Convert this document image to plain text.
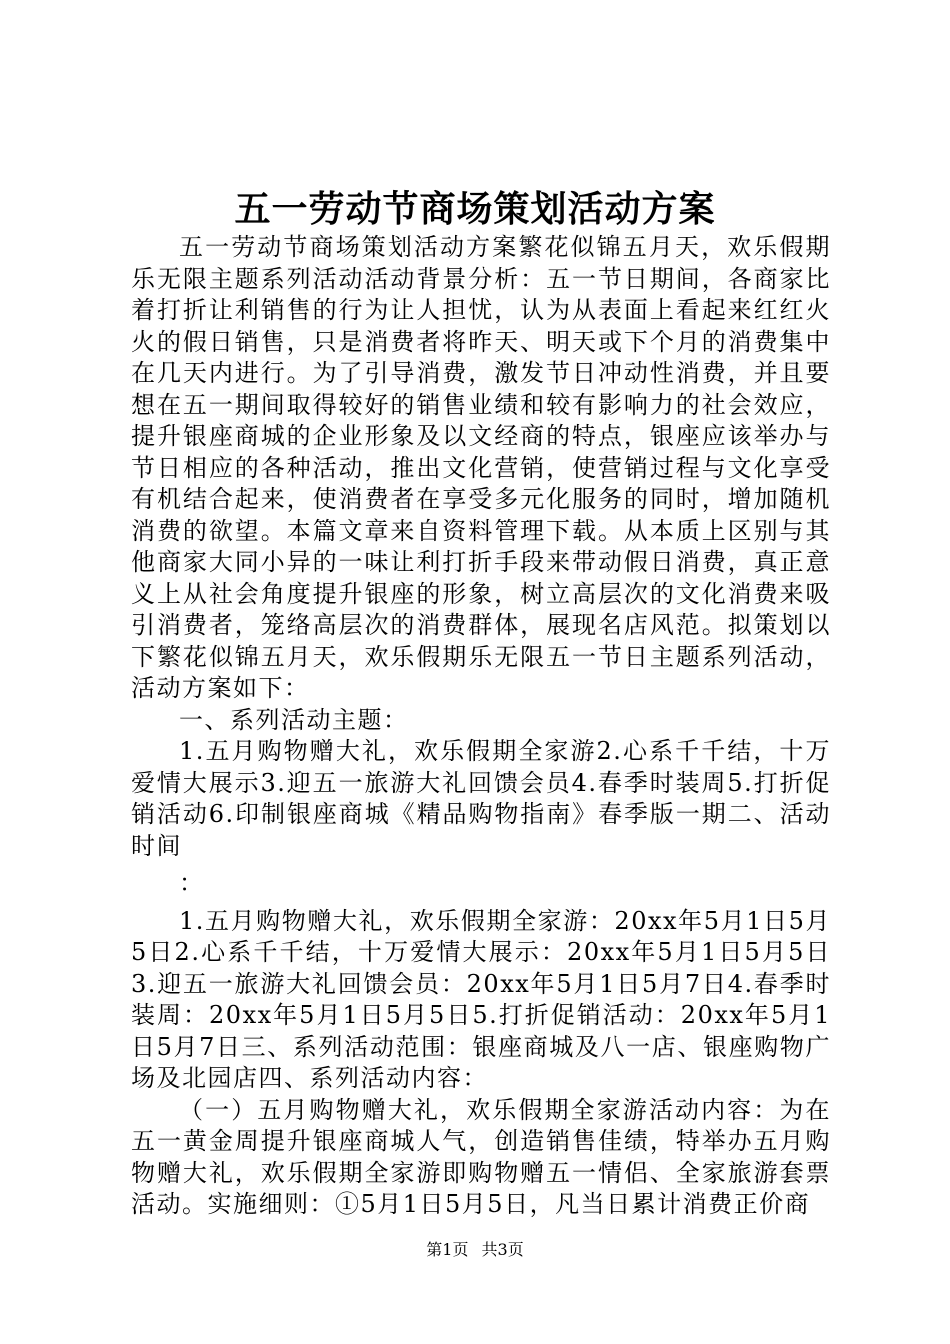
五一劳动节商场策划活动方案

五一劳动节商场策划活动方案繁花似锦五月天，欢乐假期乐无限主题系列活动活动背景分析：五一节日期间，各商家比着打折让利销售的行为让人担忧，认为从表面上看起来红红火火的假日销售，只是消费者将昨天、明天或下个月的消费集中在几天内进行。为了引导消费，激发节日冲动性消费，并且要想在五一期间取得较好的销售业绩和较有影响力的社会效应，提升银座商城的企业形象及以文经商的特点，银座应该举办与节日相应的各种活动，推出文化营销，使营销过程与文化享受有机结合起来，使消费者在享受多元化服务的同时，增加随机消费的欲望。本篇文章来自资料管理下载。从本质上区别与其他商家大同小异的一味让利打折手段来带动假日消费，真正意义上从社会角度提升银座的形象，树立高层次的文化消费来吸引消费者，笼络高层次的消费群体，展现名店风范。拟策划以下繁花似锦五月天，欢乐假期乐无限五一节日主题系列活动，活动方案如下：

一、系列活动主题：

1.五月购物赠大礼，欢乐假期全家游2.心系千千结，十万爱情大展示3.迎五一旅游大礼回馈会员4.春季时装周5.打折促销活动6.印制银座商城《精品购物指南》春季版一期二、活动时间

：

1.五月购物赠大礼，欢乐假期全家游：20xx年5月1日5月5日2.心系千千结，十万爱情大展示：20xx年5月1日5月5日3.迎五一旅游大礼回馈会员：20xx年5月1日5月7日4.春季时装周：20xx年5月1日5月5日5.打折促销活动：20xx年5月1日5月7日三、系列活动范围：银座商城及八一店、银座购物广场及北园店四、系列活动内容：

（一）五月购物赠大礼，欢乐假期全家游活动内容：为在五一黄金周提升银座商城人气，创造销售佳绩，特举办五月购物赠大礼，欢乐假期全家游即购物赠五一情侣、全家旅游套票活动。实施细则：①5月1日5月5日，凡当日累计消费正价商

第1页 共3页
